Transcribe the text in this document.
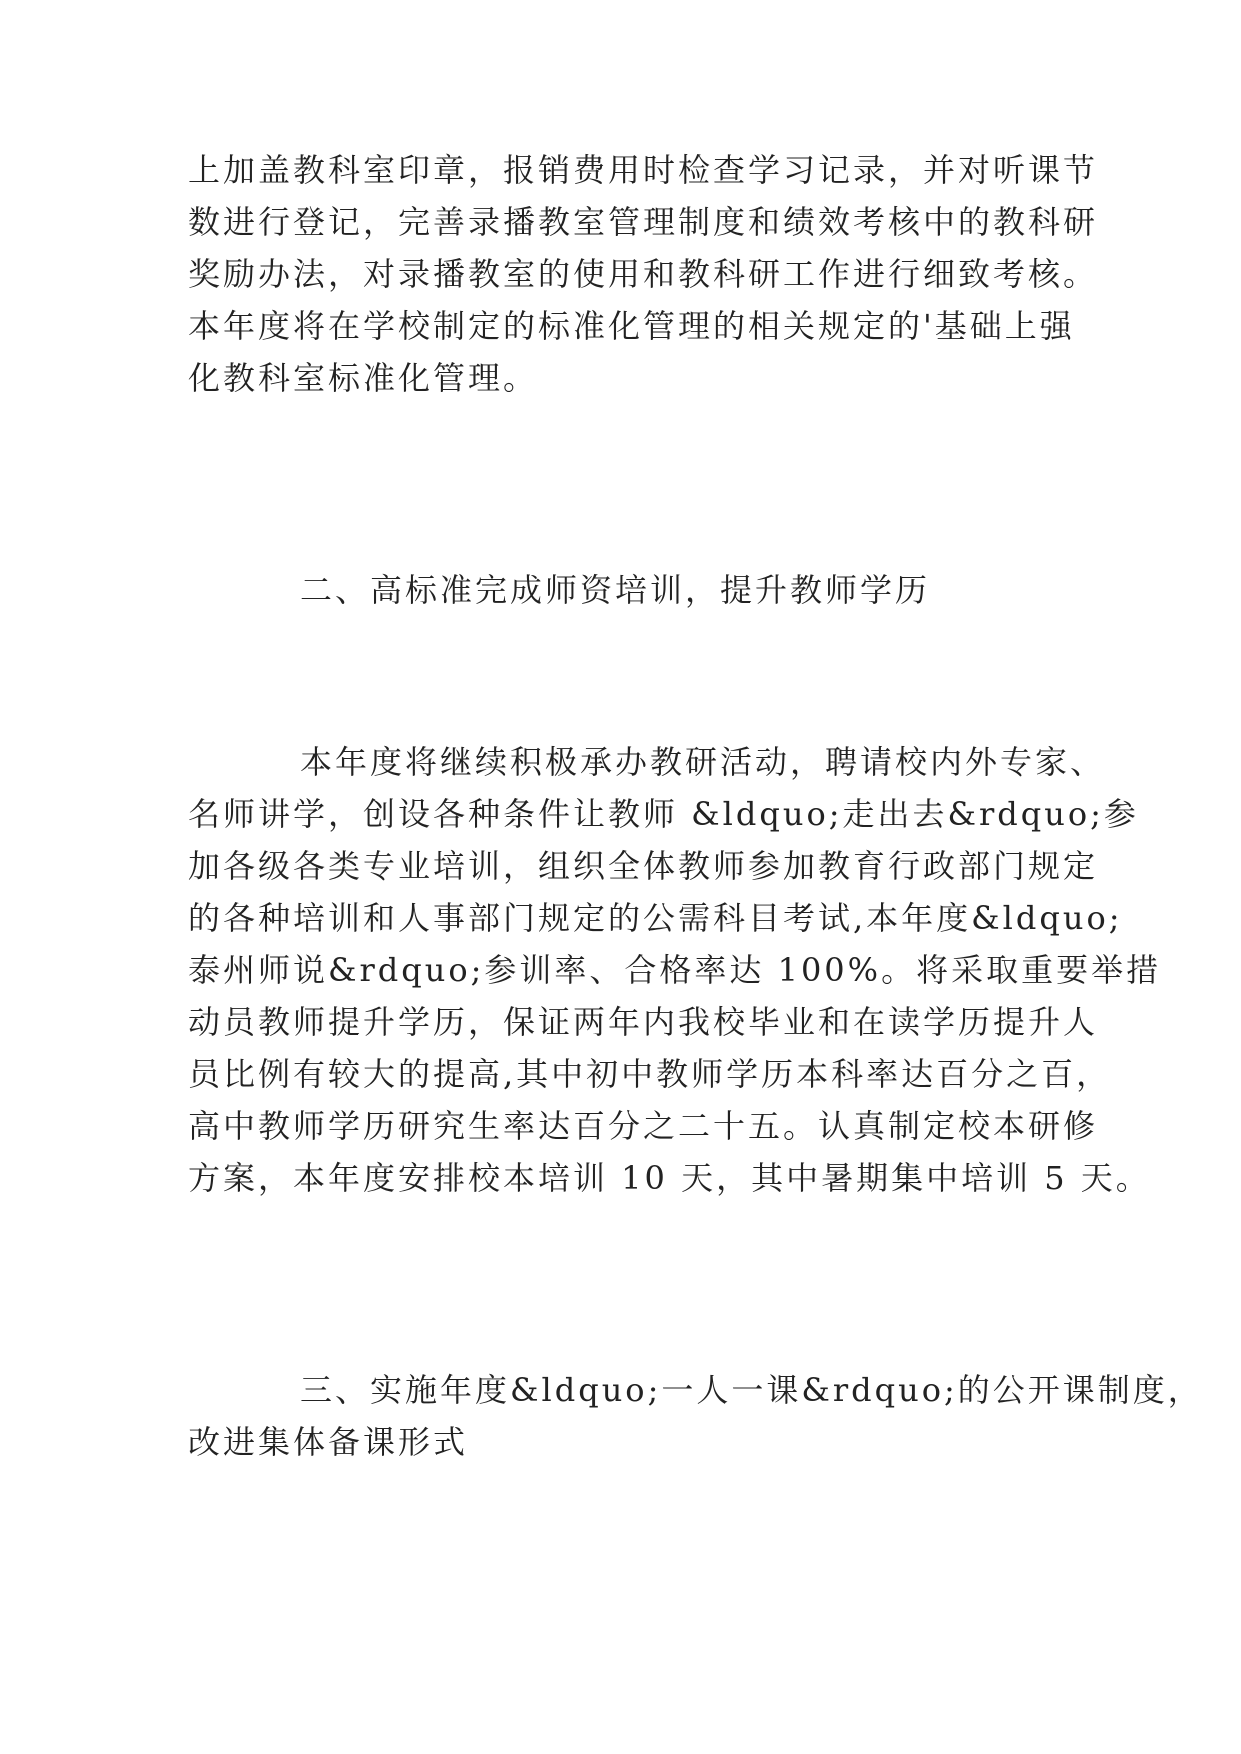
上加盖教科室印章，报销费用时检查学习记录，并对听课节
数进行登记，完善录播教室管理制度和绩效考核中的教科研
奖励办法，对录播教室的使用和教科研工作进行细致考核。
本年度将在学校制定的标准化管理的相关规定的'基础上强
化教科室标准化管理。
二、高标准完成师资培训，提升教师学历
本年度将继续积极承办教研活动，聘请校内外专家、
名师讲学，创设各种条件让教师 &ldquo;走出去&rdquo;参
加各级各类专业培训，组织全体教师参加教育行政部门规定
的各种培训和人事部门规定的公需科目考试,本年度&ldquo;
泰州师说&rdquo;参训率、合格率达 100%。将采取重要举措
动员教师提升学历，保证两年内我校毕业和在读学历提升人
员比例有较大的提高,其中初中教师学历本科率达百分之百，
高中教师学历研究生率达百分之二十五。认真制定校本研修
方案，本年度安排校本培训 10 天，其中暑期集中培训 5 天。
三、实施年度&ldquo;一人一课&rdquo;的公开课制度，
改进集体备课形式
